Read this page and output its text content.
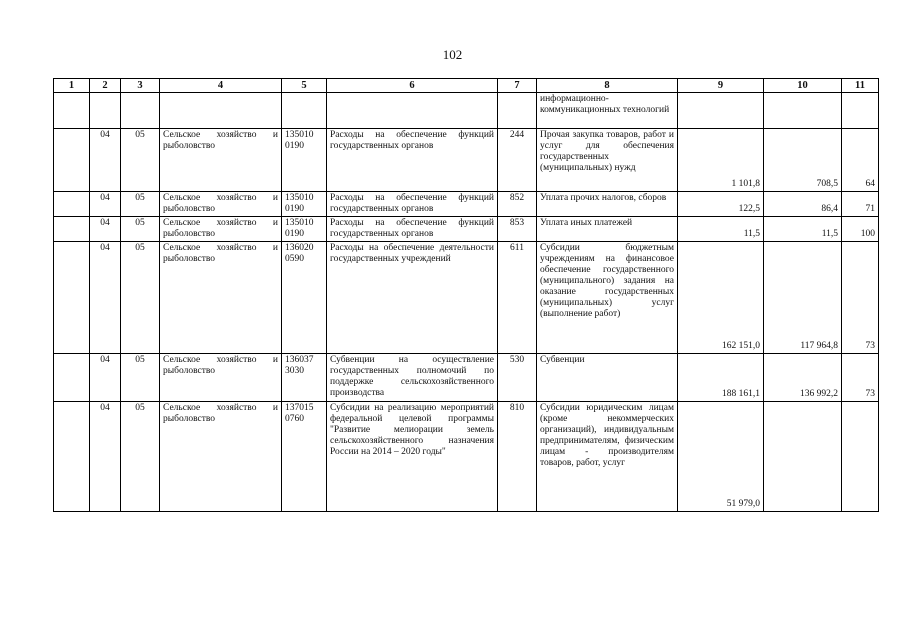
102
1	2	3	4	5	6	7	8	9	10	11
							информационно-коммуникационных технологий			
	04	05	Сельское хозяйство и рыболовство	135010 0190	Расходы на обеспечение функций государственных органов	244	Прочая закупка товаров, работ и услуг для обеспечения государственных (муниципальных) нужд	1 101,8	708,5	64
	04	05	Сельское хозяйство и рыболовство	135010 0190	Расходы на обеспечение функций государственных органов	852	Уплата прочих налогов, сборов	122,5	86,4	71
	04	05	Сельское хозяйство и рыболовство	135010 0190	Расходы на обеспечение функций государственных органов	853	Уплата иных платежей	11,5	11,5	100
	04	05	Сельское хозяйство и рыболовство	136020 0590	Расходы на обеспечение деятельности государственных учреждений	611	Субсидии бюджетным учреждениям на финансовое обеспечение государственного (муниципального) задания на оказание государственных (муниципальных) услуг (выполнение работ)	162 151,0	117 964,8	73
	04	05	Сельское хозяйство и рыболовство	136037 3030	Субвенции на осуществление государственных полномочий по поддержке сельскохозяйственного производства	530	Субвенции	188 161,1	136 992,2	73
	04	05	Сельское хозяйство и рыболовство	137015 0760	Субсидии на реализацию мероприятий федеральной целевой программы "Развитие мелиорации земель сельскохозяйственного назначения России на 2014 – 2020 годы"	810	Субсидии юридическим лицам (кроме некоммерческих организаций), индивидуальным предпринимателям, физическим лицам - производителям товаров, работ, услуг	51 979,0		
